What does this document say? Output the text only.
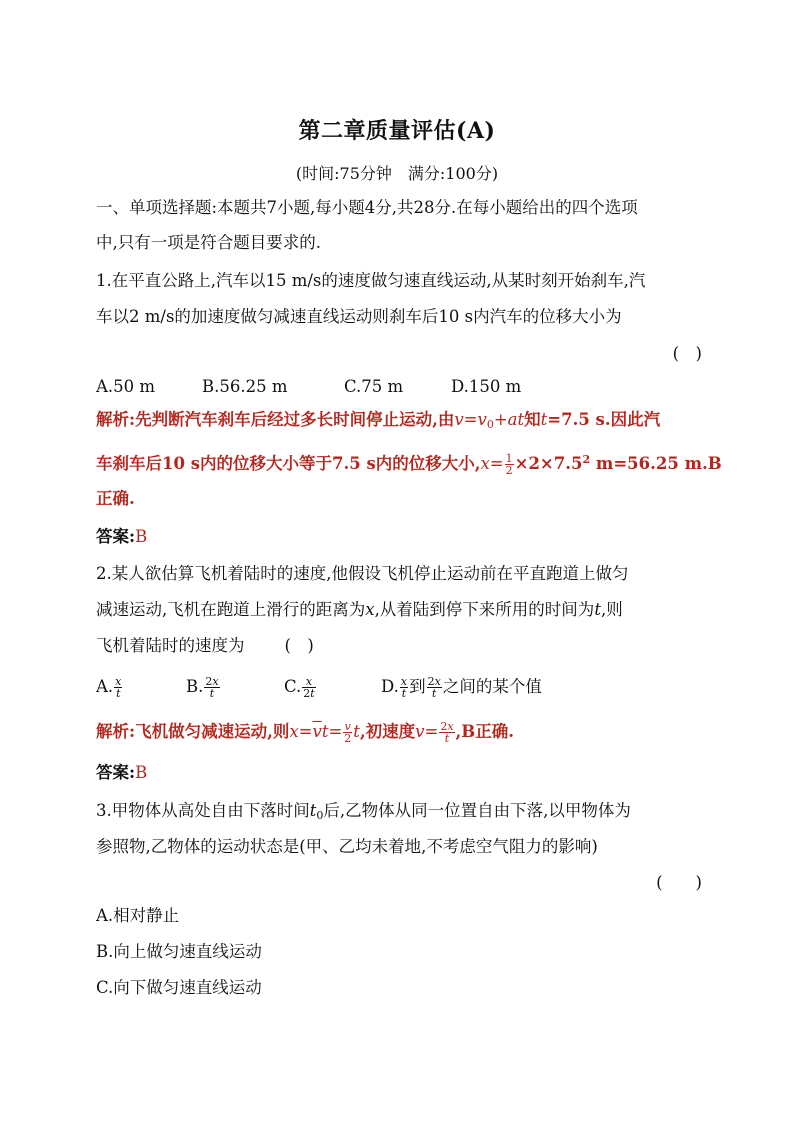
第二章质量评估(A)
(时间:75分钟　满分:100分)
一、单项选择题:本题共7小题,每小题4分,共28分.在每小题给出的四个选项
中,只有一项是符合题目要求的.
1.在平直公路上,汽车以15 m/s的速度做匀速直线运动,从某时刻开始刹车,汽
车以2 m/s的加速度做匀减速直线运动则刹车后10 s内汽车的位移大小为
(　)
A.50 m	B.56.25 m	C.75 m	D.150 m
解析:先判断汽车刹车后经过多长时间停止运动,由$v=v_0+at$知t=7.5 s.因此汽
车刹车后10 s内的位移大小等于7.5 s内的位移大小$,x= \frac{1}{2} \times 2\times 7.5^2$ m=56.25 m.B
正确.
答案:B
2.某人欲估算飞机着陆时的速度,他假设飞机停止运动前在平直跑道上做匀
减速运动,飞机在跑道上滑行的距离为x,从着陆到停下来所用的时间为t,则
飞机着陆时的速度为 (　)
A. $\frac{x}{t}$	B. $\frac{2x}{t}$	C. $\frac{x}{2t}$	D. $\frac{x}{t}$ 到 $\frac{2x}{t}$ 之间的某个值
解析:飞机做匀减速运动,则$x=\overline{v}t= \frac{v}{2} t$,初速度$v= \frac{2x}{t} ,B$正确.
答案:B
3.甲物体从高处自由下落时间$t_0$后,乙物体从同一位置自由下落,以甲物体为
参照物,乙物体的运动状态是(甲、乙均未着地,不考虑空气阻力的影响)
(　　)
A.相对静止
B.向上做匀速直线运动
C.向下做匀速直线运动
